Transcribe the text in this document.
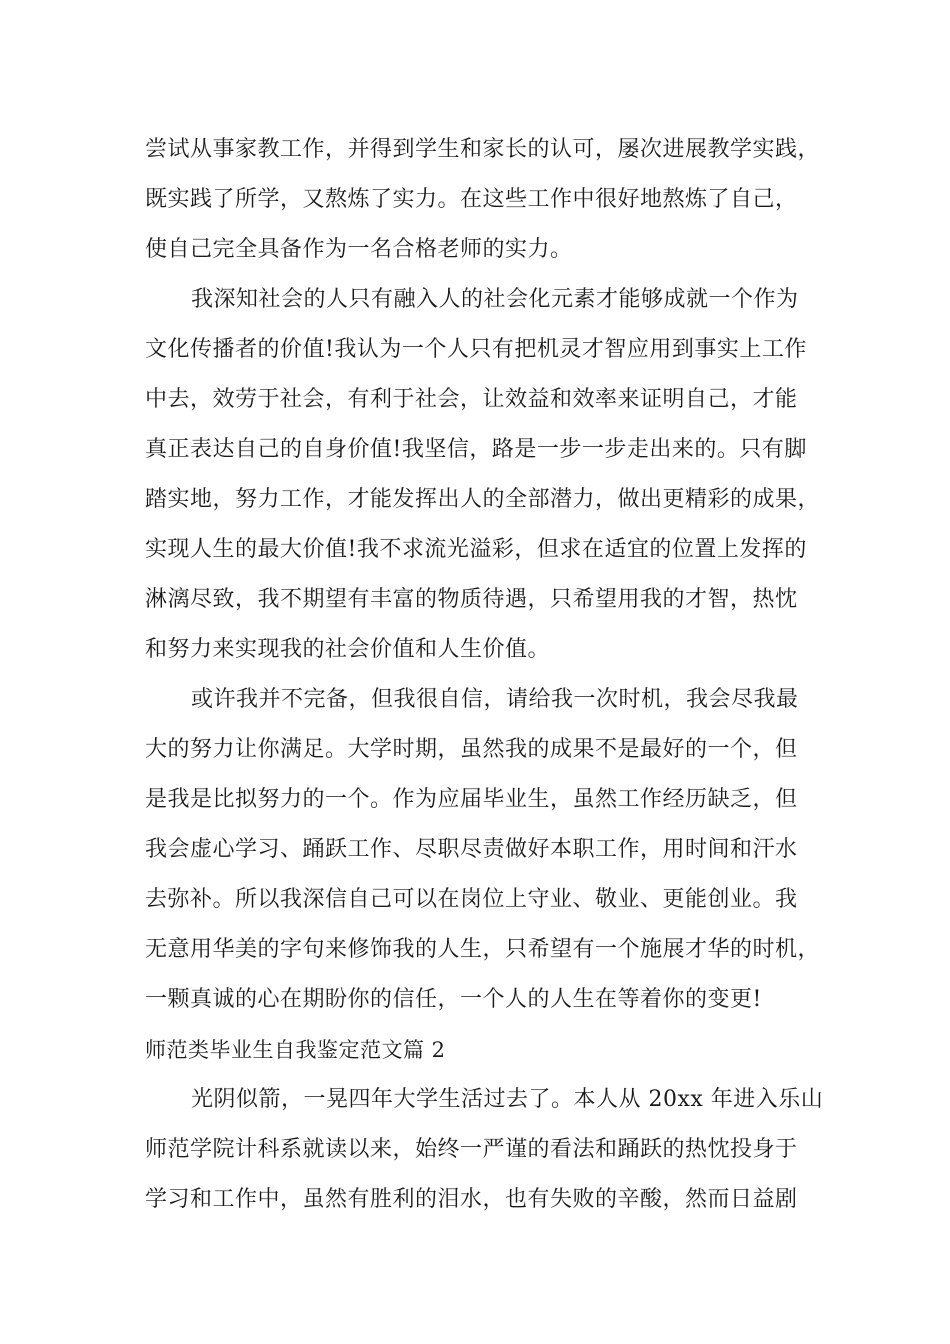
尝试从事家教工作，并得到学生和家长的认可，屡次进展教学实践，
既实践了所学，又熬炼了实力。在这些工作中很好地熬炼了自己，
使自己完全具备作为一名合格老师的实力。
我深知社会的人只有融入人的社会化元素才能够成就一个作为
文化传播者的价值!我认为一个人只有把机灵才智应用到事实上工作
中去，效劳于社会，有利于社会，让效益和效率来证明自己，才能
真正表达自己的自身价值!我坚信，路是一步一步走出来的。只有脚
踏实地，努力工作，才能发挥出人的全部潜力，做出更精彩的成果，
实现人生的最大价值!我不求流光溢彩，但求在适宜的位置上发挥的
淋漓尽致，我不期望有丰富的物质待遇，只希望用我的才智，热忱
和努力来实现我的社会价值和人生价值。
或许我并不完备，但我很自信，请给我一次时机，我会尽我最
大的努力让你满足。大学时期，虽然我的成果不是最好的一个，但
是我是比拟努力的一个。作为应届毕业生，虽然工作经历缺乏，但
我会虚心学习、踊跃工作、尽职尽责做好本职工作，用时间和汗水
去弥补。所以我深信自己可以在岗位上守业、敬业、更能创业。我
无意用华美的字句来修饰我的人生，只希望有一个施展才华的时机，
一颗真诚的心在期盼你的信任，一个人的人生在等着你的变更!
师范类毕业生自我鉴定范文篇 2
光阴似箭，一晃四年大学生活过去了。本人从 20xx 年进入乐山
师范学院计科系就读以来，始终一严谨的看法和踊跃的热忱投身于
学习和工作中，虽然有胜利的泪水，也有失败的辛酸，然而日益剧
